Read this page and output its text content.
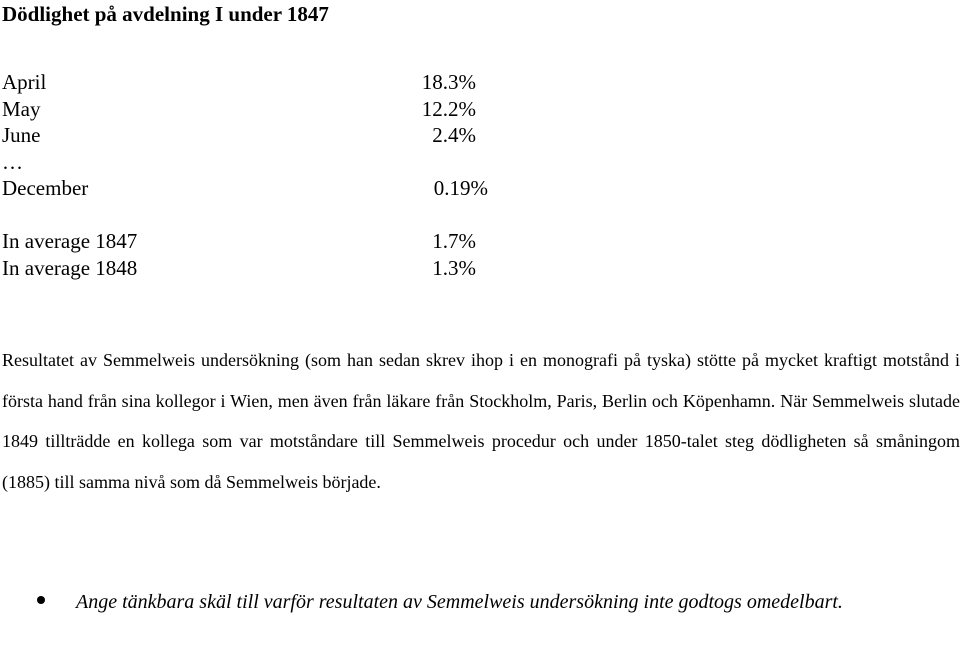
Dödlighet på avdelning I under 1847
April	18.3%
May	12.2%
June	2.4%
…
December	0.19%
In average 1847	1.7%
In average 1848	1.3%

Resultatet av Semmelweis undersökning (som han sedan skrev ihop i en monografi på tyska) stötte på mycket kraftigt motstånd i första hand från sina kollegor i Wien, men även från läkare från Stockholm, Paris, Berlin och Köpenhamn. När Semmelweis slutade 1849 tillträdde en kollega som var motståndare till Semmelweis procedur och under 1850-talet steg dödligheten så småningom (1885) till samma nivå som då Semmelweis började.

Ange tänkbara skäl till varför resultaten av Semmelweis undersökning inte godtogs omedelbart.
